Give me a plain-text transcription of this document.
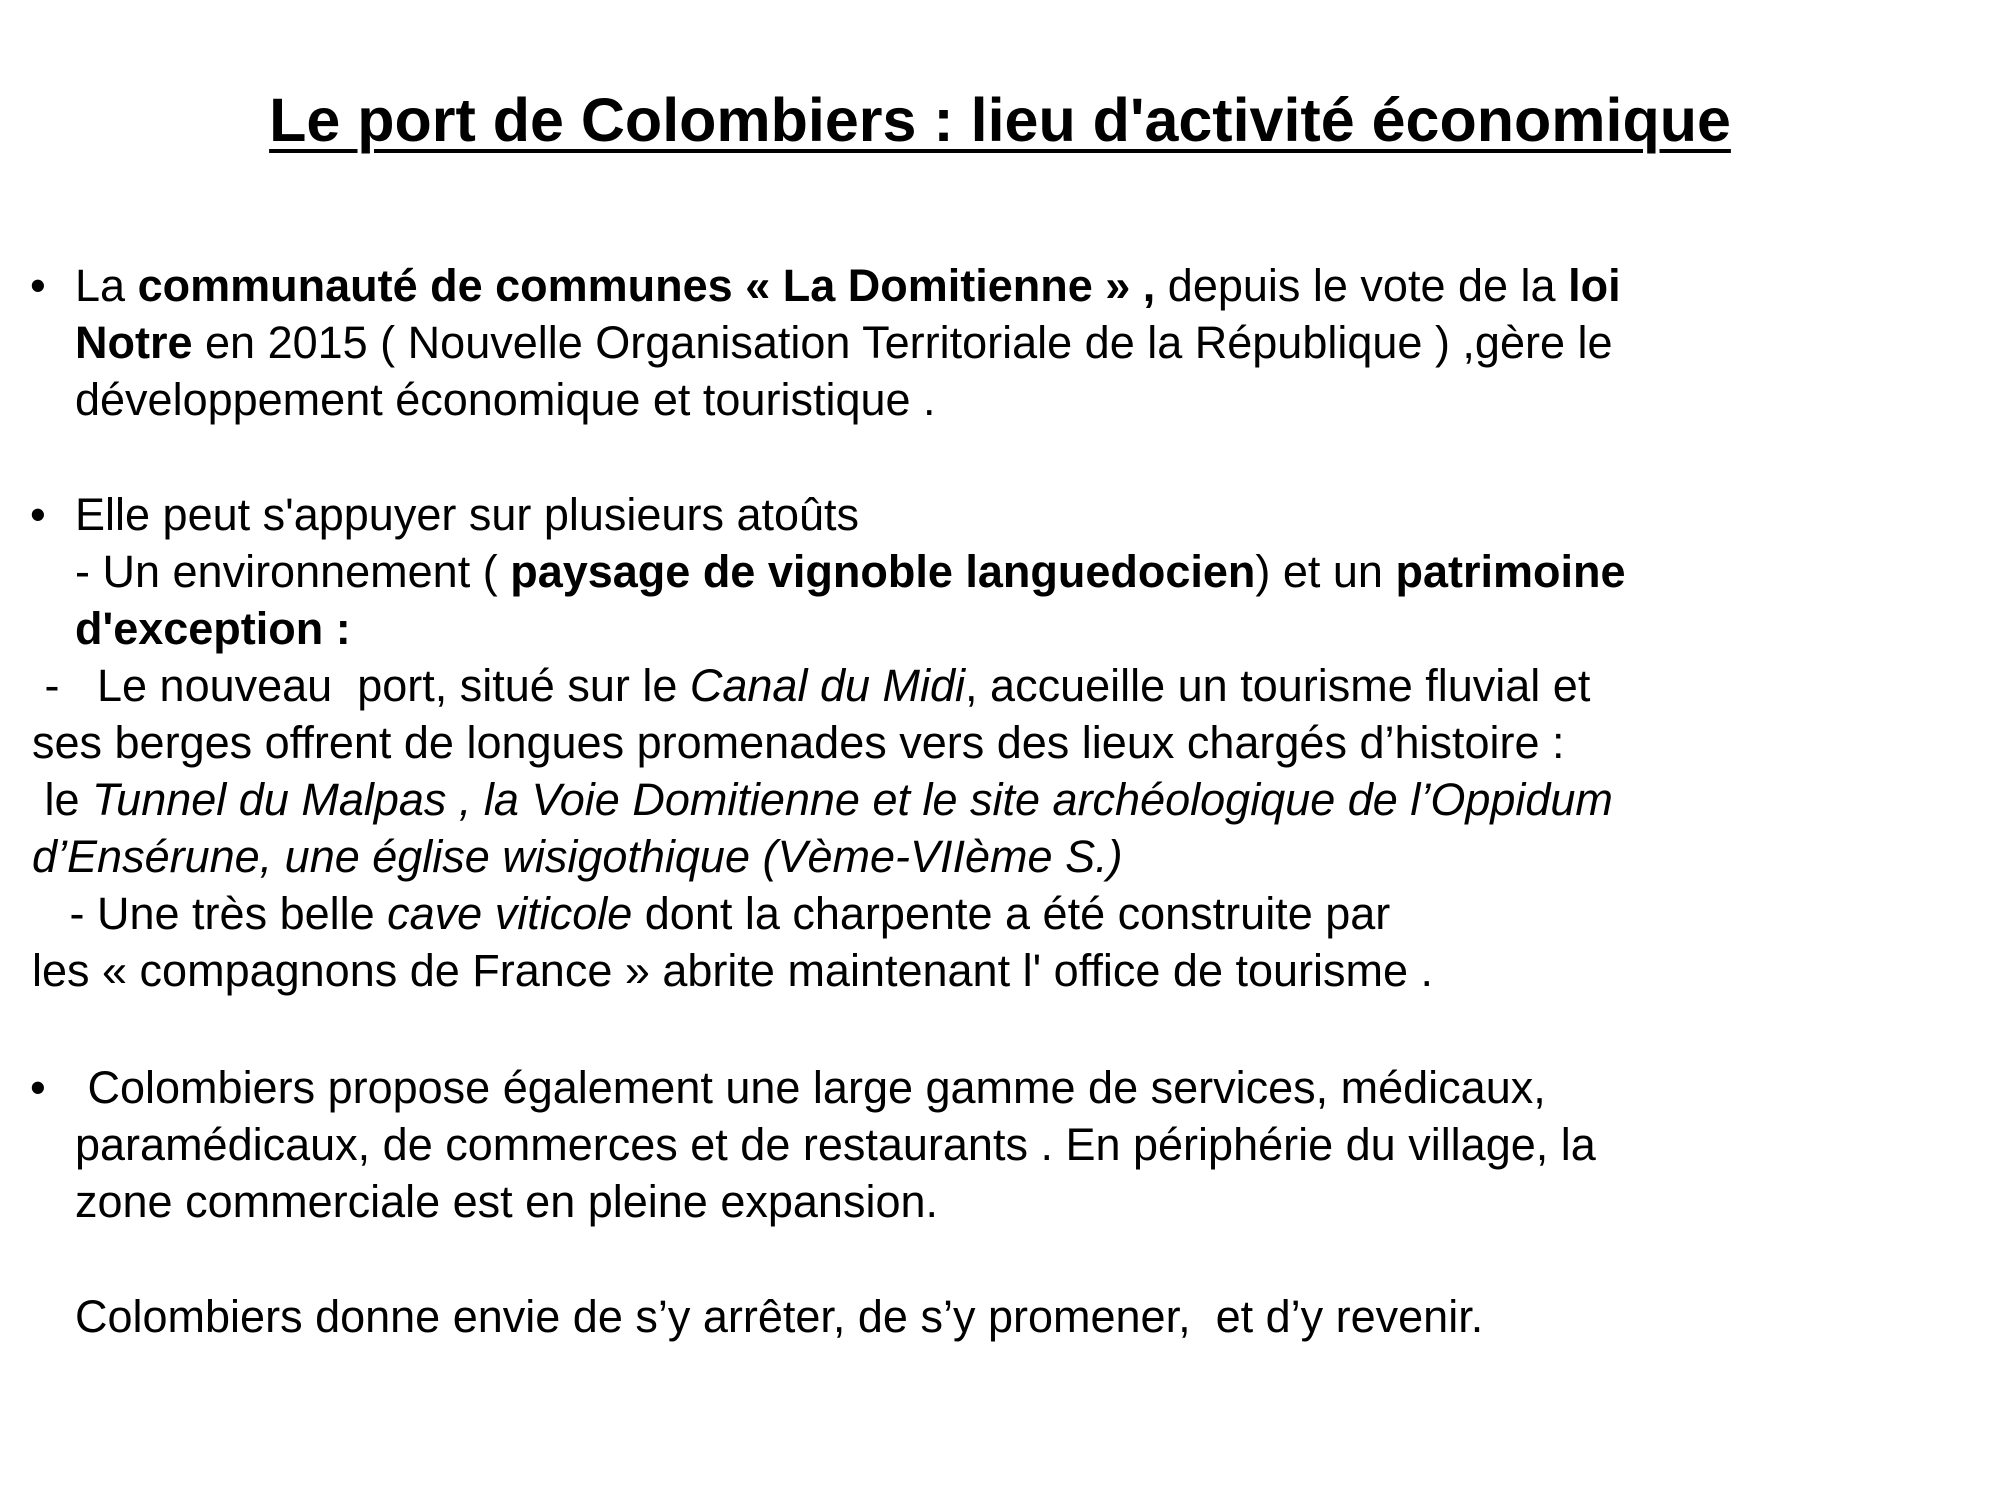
Le port de Colombiers : lieu d'activité économique
• La communauté de communes « La Domitienne » , depuis le vote de la loi

Notre en 2015 ( Nouvelle Organisation Territoriale de la République ) ,gère le

développement économique et touristique .

• Elle peut s'appuyer sur plusieurs atoûts

- Un environnement ( paysage de vignoble languedocien) et un patrimoine

d'exception :

-   Le nouveau  port, situé sur le Canal du Midi, accueille un tourisme fluvial et

ses berges offrent de longues promenades vers des lieux chargés d’histoire :

le Tunnel du Malpas , la Voie Domitienne et le site archéologique de l’Oppidum

d’Ensérune, une église wisigothique (Vème-VIIème S.)

- Une très belle cave viticole dont la charpente a été construite par

les « compagnons de France » abrite maintenant l' office de tourisme .

• Colombiers propose également une large gamme de services, médicaux,

paramédicaux, de commerces et de restaurants . En périphérie du village, la

zone commerciale est en pleine expansion.

Colombiers donne envie de s’y arrêter, de s’y promener,  et d’y revenir.
